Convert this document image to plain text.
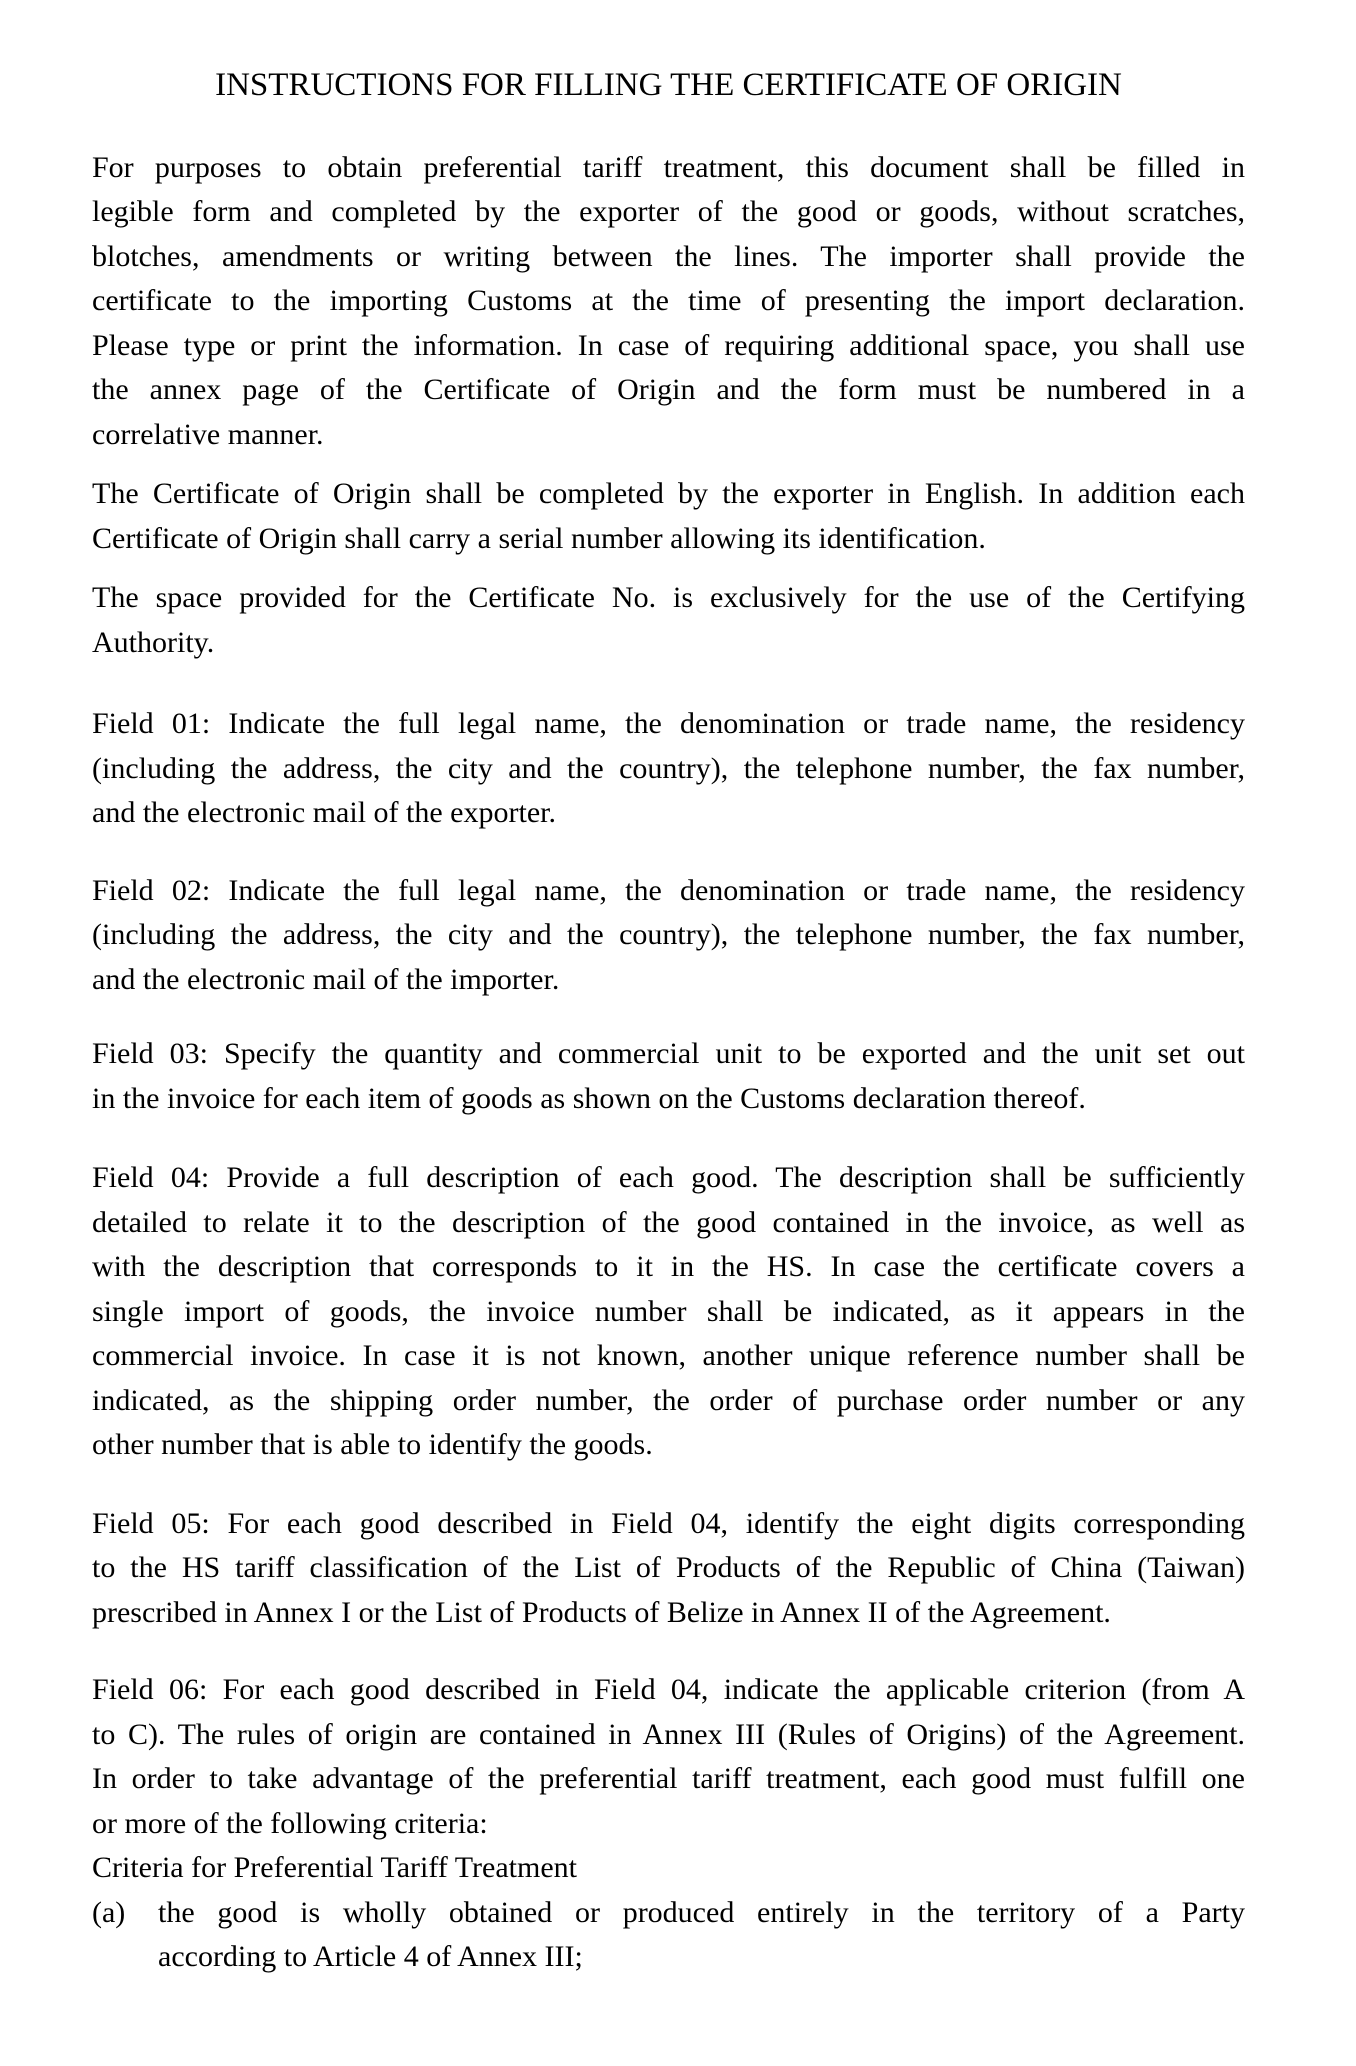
INSTRUCTIONS FOR FILLING THE CERTIFICATE OF ORIGIN
For purposes to obtain preferential tariff treatment, this document shall be filled in
legible form and completed by the exporter of the good or goods, without scratches,
blotches, amendments or writing between the lines. The importer shall provide the
certificate to the importing Customs at the time of presenting the import declaration.
Please type or print the information. In case of requiring additional space, you shall use
the annex page of the Certificate of Origin and the form must be numbered in a
correlative manner.
The Certificate of Origin shall be completed by the exporter in English. In addition each
Certificate of Origin shall carry a serial number allowing its identification.
The space provided for the Certificate No. is exclusively for the use of the Certifying
Authority.
Field 01: Indicate the full legal name, the denomination or trade name, the residency
(including the address, the city and the country), the telephone number, the fax number,
and the electronic mail of the exporter.
Field 02: Indicate the full legal name, the denomination or trade name, the residency
(including the address, the city and the country), the telephone number, the fax number,
and the electronic mail of the importer.
Field 03: Specify the quantity and commercial unit to be exported and the unit set out
in the invoice for each item of goods as shown on the Customs declaration thereof.
Field 04: Provide a full description of each good. The description shall be sufficiently
detailed to relate it to the description of the good contained in the invoice, as well as
with the description that corresponds to it in the HS. In case the certificate covers a
single import of goods, the invoice number shall be indicated, as it appears in the
commercial invoice. In case it is not known, another unique reference number shall be
indicated, as the shipping order number, the order of purchase order number or any
other number that is able to identify the goods.
Field 05: For each good described in Field 04, identify the eight digits corresponding
to the HS tariff classification of the List of Products of the Republic of China (Taiwan)
prescribed in Annex I or the List of Products of Belize in Annex II of the Agreement.
Field 06: For each good described in Field 04, indicate the applicable criterion (from A
to C). The rules of origin are contained in Annex III (Rules of Origins) of the Agreement.
In order to take advantage of the preferential tariff treatment, each good must fulfill one
or more of the following criteria:
Criteria for Preferential Tariff Treatment
(a) the good is wholly obtained or produced entirely in the territory of a Party
according to Article 4 of Annex III;
